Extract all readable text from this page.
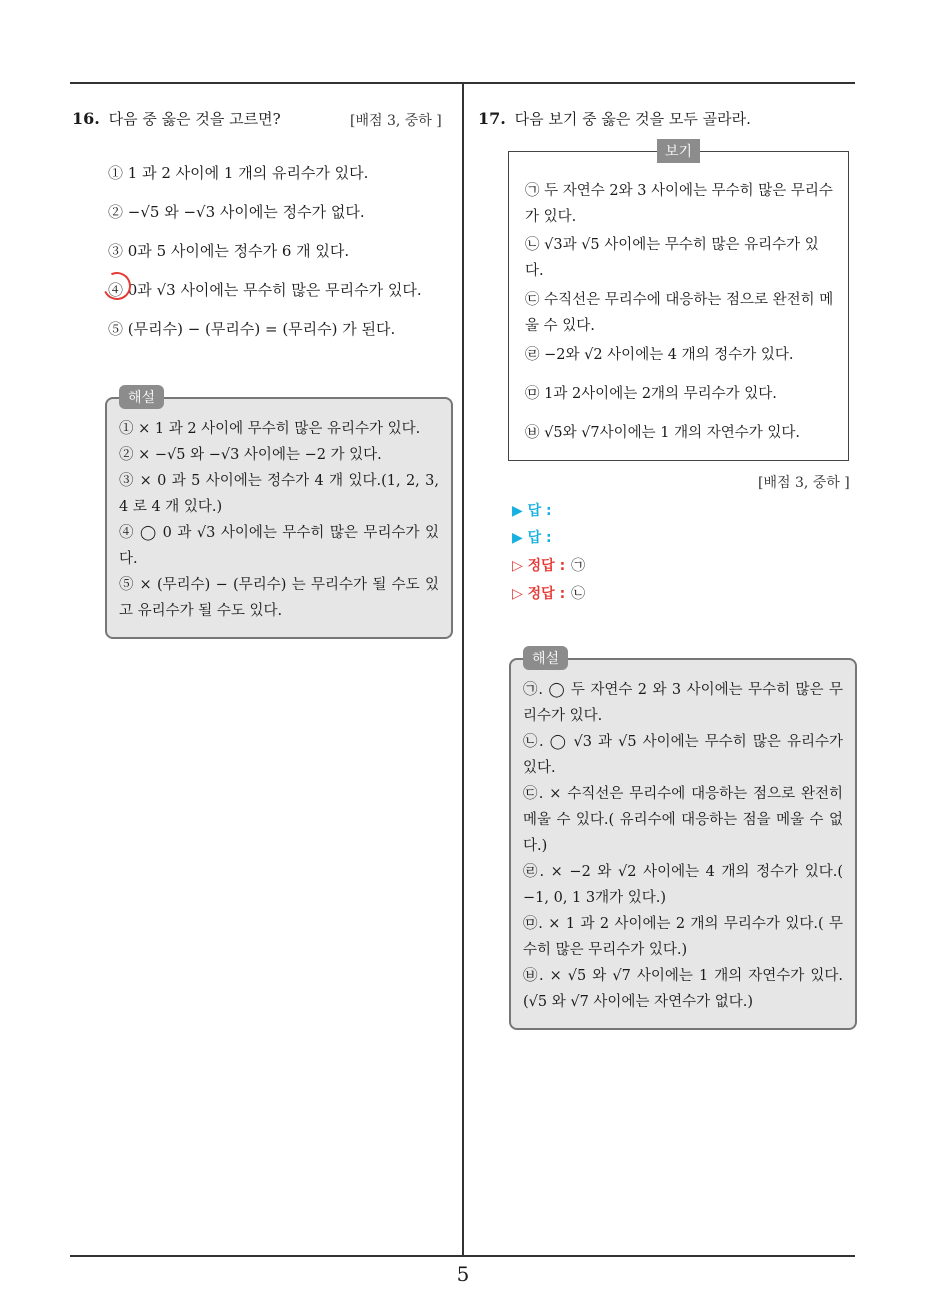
5
16. 다음 중 옳은 것을 고르면?	[배점 3, 중하 ]
① 1 과 2 사이에 1 개의 유리수가 있다.
② −√5 와 −√3 사이에는 정수가 없다.
③ 0과 5 사이에는 정수가 6 개 있다.
④ 0과 √3 사이에는 무수히 많은 무리수가 있다.
⑤ (무리수) − (무리수) = (무리수) 가 된다.

① × 1 과 2 사이에 무수히 많은 유리수가 있다.

② × −√5 와 −√3 사이에는 −2 가 있다.

③ × 0 과 5 사이에는 정수가 4 개 있다.(1, 2, 3, 4 로 4 개 있다.)

④ ◯ 0 과 √3 사이에는 무수히 많은 무리수가 있다.

⑤ × (무리수) − (무리수) 는 무리수가 될 수도 있고 유리수가 될 수도 있다.

해설
17. 다음 보기 중 옳은 것을 모두 골라라.
보기
㉠ 두 자연수 2와 3 사이에는 무수히 많은 무리수가 있다.
㉡ √3과 √5 사이에는 무수히 많은 유리수가 있다.
㉢ 수직선은 무리수에 대응하는 점으로 완전히 메울 수 있다.
㉣ −2와 √2 사이에는 4 개의 정수가 있다.
㉤ 1과 2사이에는 2개의 무리수가 있다.
㉥ √5와 √7사이에는 1 개의 자연수가 있다.
[배점 3, 중하 ]
▶ 답 :
▶ 답 :
▷ 정답 : ㉠
▷ 정답 : ㉡

㉠. ◯ 두 자연수 2 와 3 사이에는 무수히 많은 무리수가 있다.

㉡. ◯ √3 과 √5 사이에는 무수히 많은 유리수가 있다.

㉢. × 수직선은 무리수에 대응하는 점으로 완전히 메울 수 있다.( 유리수에 대응하는 점을 메울 수 없다.)

㉣. × −2 와 √2 사이에는 4 개의 정수가 있다.( −1, 0, 1 3개가 있다.)

㉤. × 1 과 2 사이에는 2 개의 무리수가 있다.( 무수히 많은 무리수가 있다.)

㉥. × √5 와 √7 사이에는 1 개의 자연수가 있다.(√5 와 √7 사이에는 자연수가 없다.)

해설
